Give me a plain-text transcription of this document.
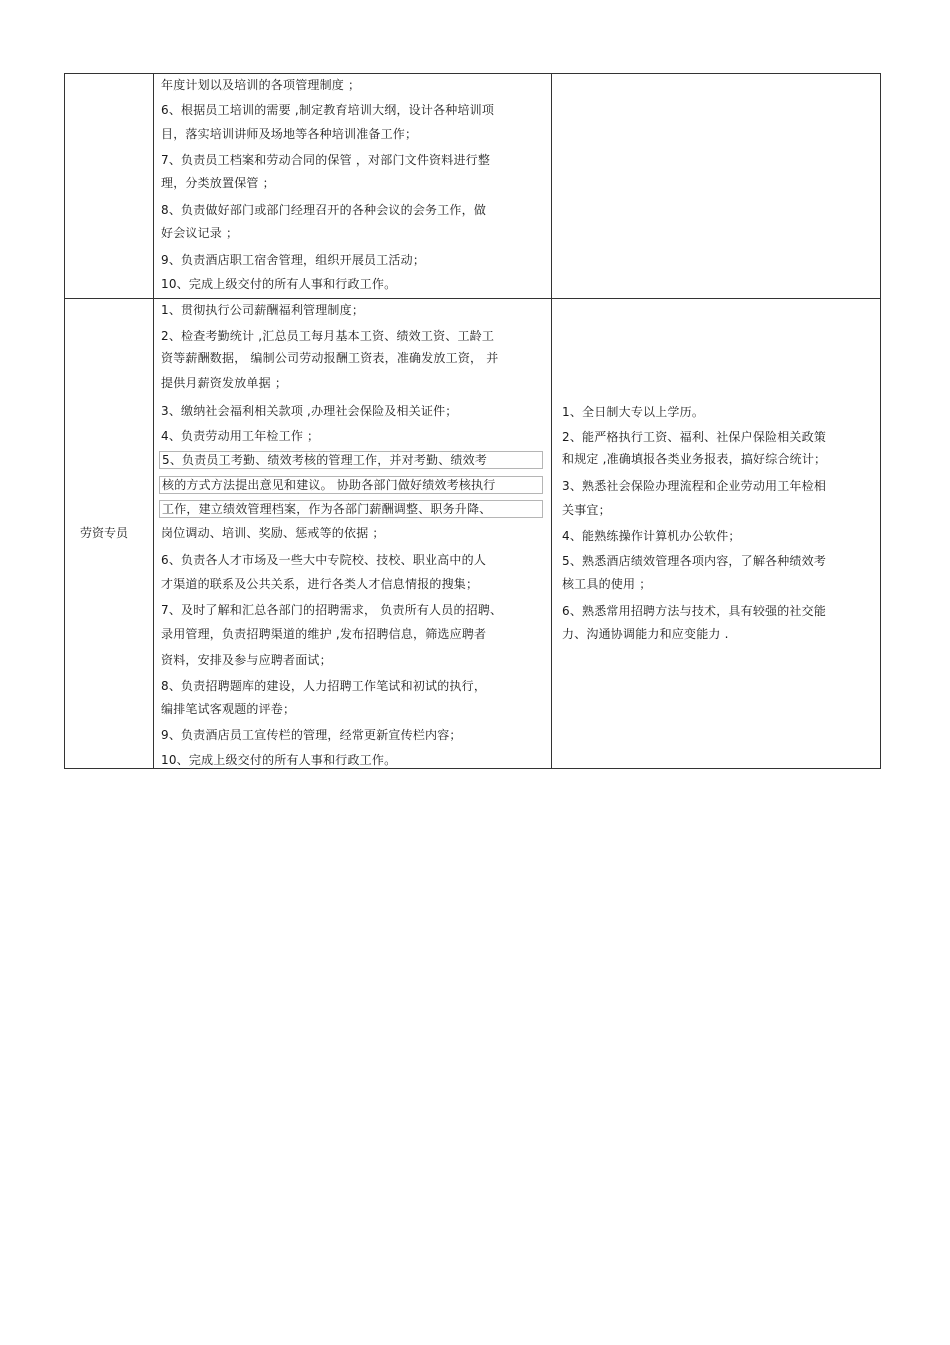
年度计划以及培训的各项管理制度 ；
6、根据员工培训的需要 ,制定教育培训大纲，设计各种培训项
目，落实培训讲师及场地等各种培训准备工作；
7、负责员工档案和劳动合同的保管 ，对部门文件资料进行整
理，分类放置保管 ；
8、负责做好部门或部门经理召开的各种会议的会务工作，做
好会议记录 ；
9、负责酒店职工宿舍管理，组织开展员工活动；
10、完成上级交付的所有人事和行政工作。
劳资专员
1、贯彻执行公司薪酬福利管理制度；
2、检查考勤统计 ,汇总员工每月基本工资、绩效工资、工龄工
资等薪酬数据， 编制公司劳动报酬工资表，准确发放工资， 并
提供月薪资发放单据 ；
3、缴纳社会福利相关款项 ,办理社会保险及相关证件；
4、负责劳动用工年检工作 ；
5、负责员工考勤、绩效考核的管理工作，并对考勤、绩效考
核的方式方法提出意见和建议。 协助各部门做好绩效考核执行
工作，建立绩效管理档案，作为各部门薪酬调整、职务升降、
岗位调动、培训、奖励、惩戒等的依据 ；
6、负责各人才市场及一些大中专院校、技校、职业高中的人
才渠道的联系及公共关系，进行各类人才信息情报的搜集；
7、及时了解和汇总各部门的招聘需求， 负责所有人员的招聘、
录用管理，负责招聘渠道的维护 ,发布招聘信息，筛选应聘者
资料，安排及参与应聘者面试；
8、负责招聘题库的建设，人力招聘工作笔试和初试的执行，
编排笔试客观题的评卷；
9、负责酒店员工宣传栏的管理，经常更新宣传栏内容；
10、完成上级交付的所有人事和行政工作。
1、全日制大专以上学历。
2、能严格执行工资、福利、社保户保险相关政策
和规定 ,准确填报各类业务报表，搞好综合统计；
3、熟悉社会保险办理流程和企业劳动用工年检相
关事宜；
4、能熟练操作计算机办公软件；
5、熟悉酒店绩效管理各项内容，了解各种绩效考
核工具的使用 ；
6、熟悉常用招聘方法与技术，具有较强的社交能
力、沟通协调能力和应变能力 .
